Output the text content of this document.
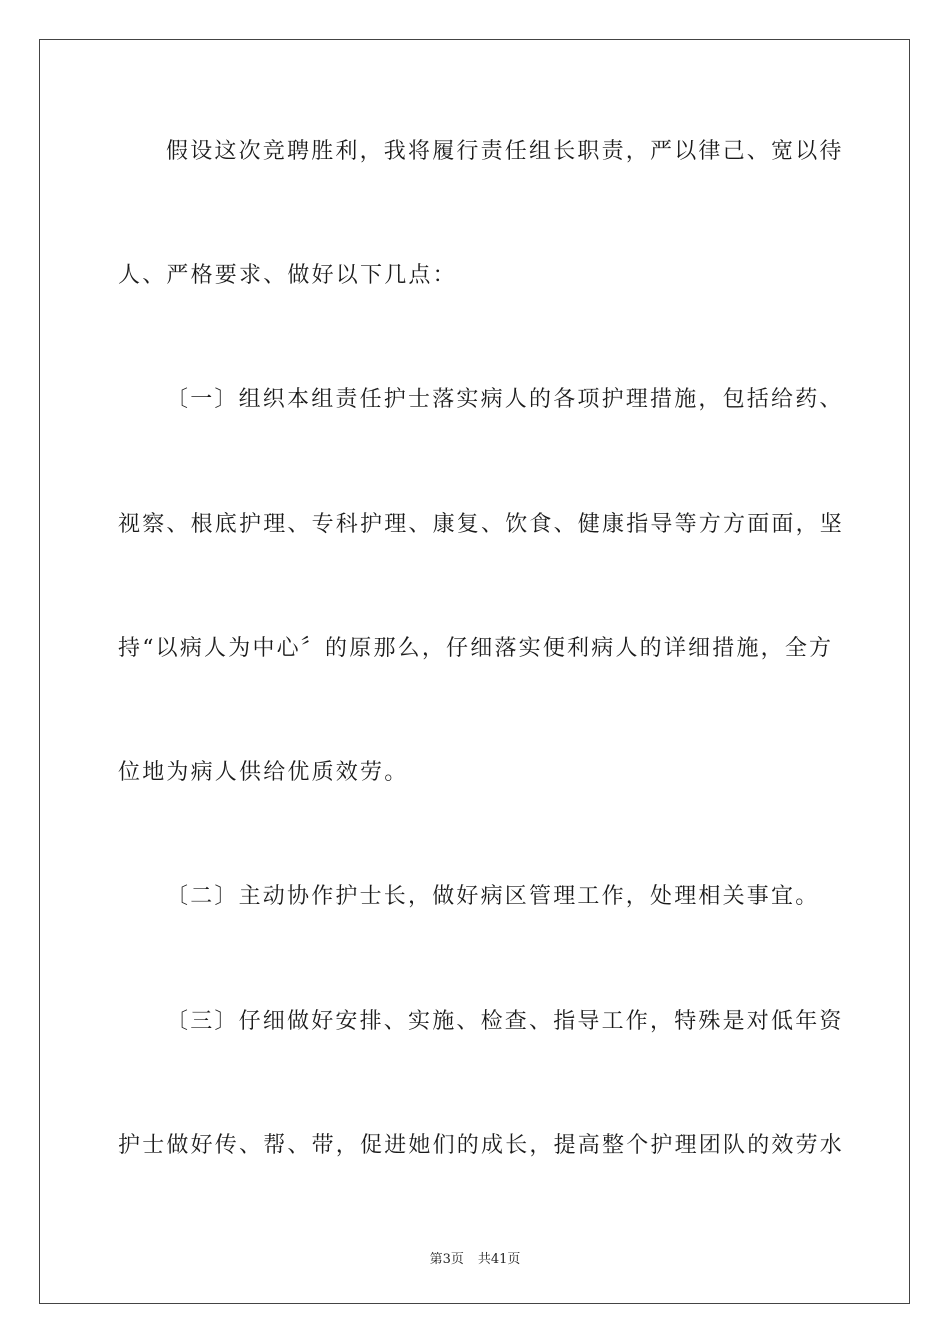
假设这次竞聘胜利，我将履行责任组长职责，严以律己、宽以待
人、严格要求、做好以下几点：
〔一〕组织本组责任护士落实病人的各项护理措施，包括给药、
视察、根底护理、专科护理、康复、饮食、健康指导等方方面面，坚
持“以病人为中心〞的原那么，仔细落实便利病人的详细措施，全方
位地为病人供给优质效劳。
〔二〕主动协作护士长，做好病区管理工作，处理相关事宜。
〔三〕仔细做好安排、实施、检查、指导工作，特殊是对低年资
护士做好传、帮、带，促进她们的成长，提高整个护理团队的效劳水
第3页 共41页
